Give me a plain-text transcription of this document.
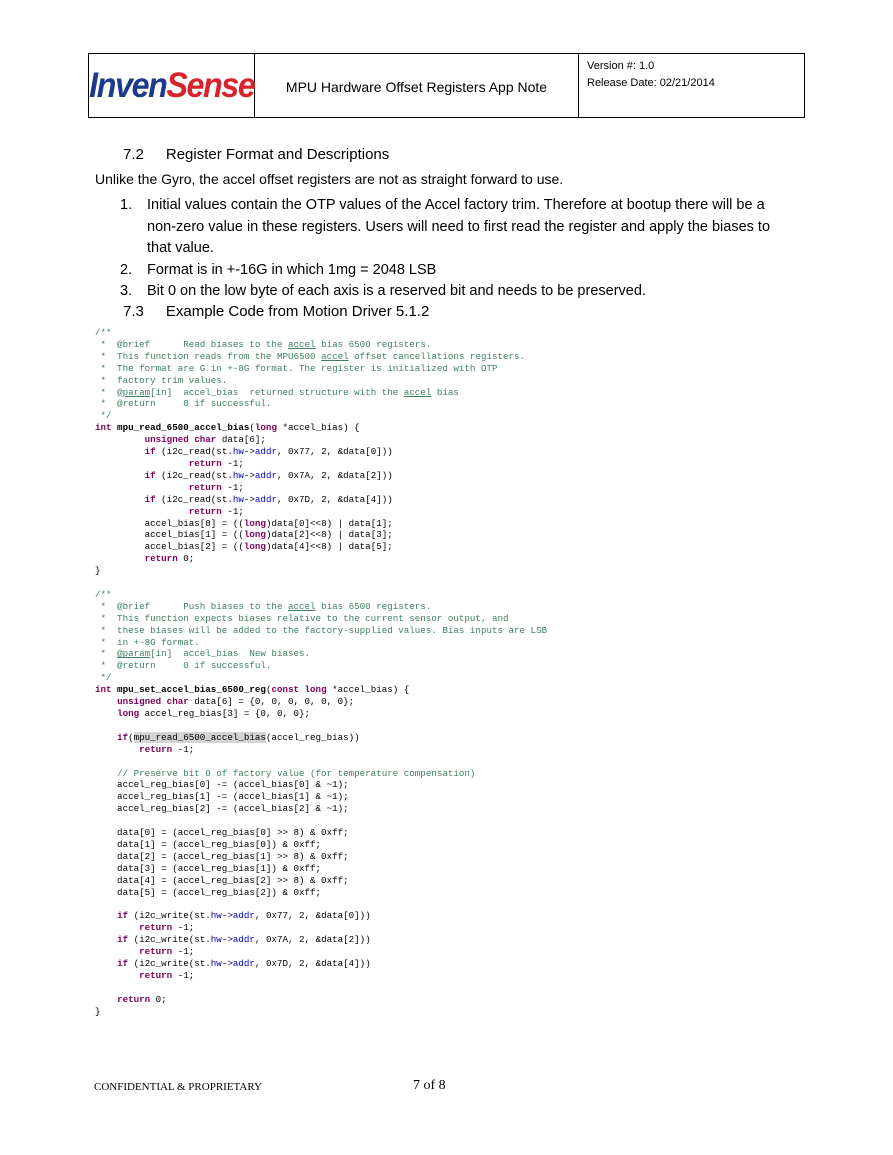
InvenSense	MPU Hardware Offset Registers App Note
Version #: 1.0
Release Date: 02/21/2014
7.2 Register Format and Descriptions
Unlike the Gyro, the accel offset registers are not as straight forward to use.
1. Initial values contain the OTP values of the Accel factory trim. Therefore at bootup there will be a non-zero value in these registers. Users will need to first read the register and apply the biases to that value.
2. Format is in +-16G in which 1mg = 2048 LSB
3. Bit 0 on the low byte of each axis is a reserved bit and needs to be preserved.
7.3 Example Code from Motion Driver 5.1.2
/**
*  @brief      Read biases to the accel bias 6500 registers.
*  This function reads from the MPU6500 accel offset cancellations registers.
*  The format are G in +-8G format. The register is initialized with OTP
*  factory trim values.
*  @param[in]  accel_bias  returned structure with the accel bias
*  @return     0 if successful.
*/
int mpu_read_6500_accel_bias(long *accel_bias) {
unsigned char data[6];
if (i2c_read(st.hw->addr, 0x77, 2, &data[0]))
return -1;
if (i2c_read(st.hw->addr, 0x7A, 2, &data[2]))
return -1;
if (i2c_read(st.hw->addr, 0x7D, 2, &data[4]))
return -1;
accel_bias[0] = ((long)data[0]<<8) | data[1];
accel_bias[1] = ((long)data[2]<<8) | data[3];
accel_bias[2] = ((long)data[4]<<8) | data[5];
return 0;
}

/**
*  @brief      Push biases to the accel bias 6500 registers.
*  This function expects biases relative to the current sensor output, and
*  these biases will be added to the factory-supplied values. Bias inputs are LSB
*  in +-8G format.
*  @param[in]  accel_bias  New biases.
*  @return     0 if successful.
*/
int mpu_set_accel_bias_6500_reg(const long *accel_bias) {
unsigned char data[6] = {0, 0, 0, 0, 0, 0};
long accel_reg_bias[3] = {0, 0, 0};

if(mpu_read_6500_accel_bias(accel_reg_bias))
return -1;

// Preserve bit 0 of factory value (for temperature compensation)
accel_reg_bias[0] -= (accel_bias[0] & ~1);
accel_reg_bias[1] -= (accel_bias[1] & ~1);
accel_reg_bias[2] -= (accel_bias[2] & ~1);

data[0] = (accel_reg_bias[0] >> 8) & 0xff;
data[1] = (accel_reg_bias[0]) & 0xff;
data[2] = (accel_reg_bias[1] >> 8) & 0xff;
data[3] = (accel_reg_bias[1]) & 0xff;
data[4] = (accel_reg_bias[2] >> 8) & 0xff;
data[5] = (accel_reg_bias[2]) & 0xff;

if (i2c_write(st.hw->addr, 0x77, 2, &data[0]))
return -1;
if (i2c_write(st.hw->addr, 0x7A, 2, &data[2]))
return -1;
if (i2c_write(st.hw->addr, 0x7D, 2, &data[4]))
return -1;

return 0;
}

CONFIDENTIAL & PROPRIETARY	7 of 8
